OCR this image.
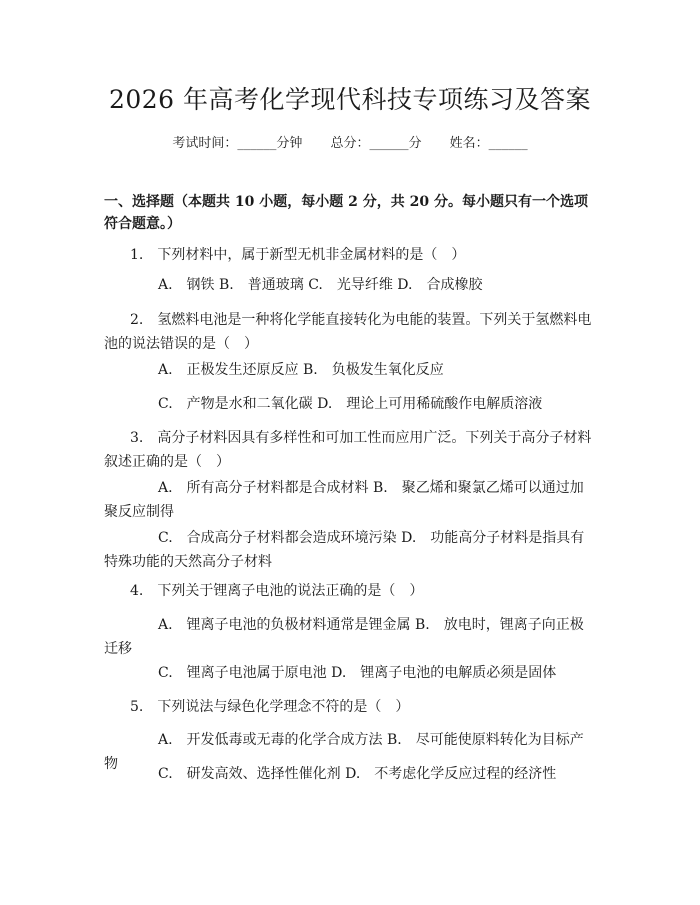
2026 年高考化学现代科技专项练习及答案
考试时间：______分钟 总分：______分 姓名：______
一、选择题（本题共 10 小题，每小题 2 分，共 20 分。每小题只有一个选项符合题意。）
1.　下列材料中，属于新型无机非金属材料的是（　）
A.　钢铁 B.　普通玻璃 C.　光导纤维 D.　合成橡胶
2.　氢燃料电池是一种将化学能直接转化为电能的装置。下列关于氢燃料电池的说法错误的是（　）
A.　正极发生还原反应 B.　负极发生氧化反应
C.　产物是水和二氧化碳 D.　理论上可用稀硫酸作电解质溶液
3.　高分子材料因具有多样性和可加工性而应用广泛。下列关于高分子材料叙述正确的是（　）
A.　所有高分子材料都是合成材料 B.　聚乙烯和聚氯乙烯可以通过加聚反应制得
C.　合成高分子材料都会造成环境污染 D.　功能高分子材料是指具有特殊功能的天然高分子材料
4.　下列关于锂离子电池的说法正确的是（　）
A.　锂离子电池的负极材料通常是锂金属 B.　放电时，锂离子向正极迁移
C.　锂离子电池属于原电池 D.　锂离子电池的电解质必须是固体
5.　下列说法与绿色化学理念不符的是（　）
A.　开发低毒或无毒的化学合成方法 B.　尽可能使原料转化为目标产物
C.　研发高效、选择性催化剂 D.　不考虑化学反应过程的经济性
